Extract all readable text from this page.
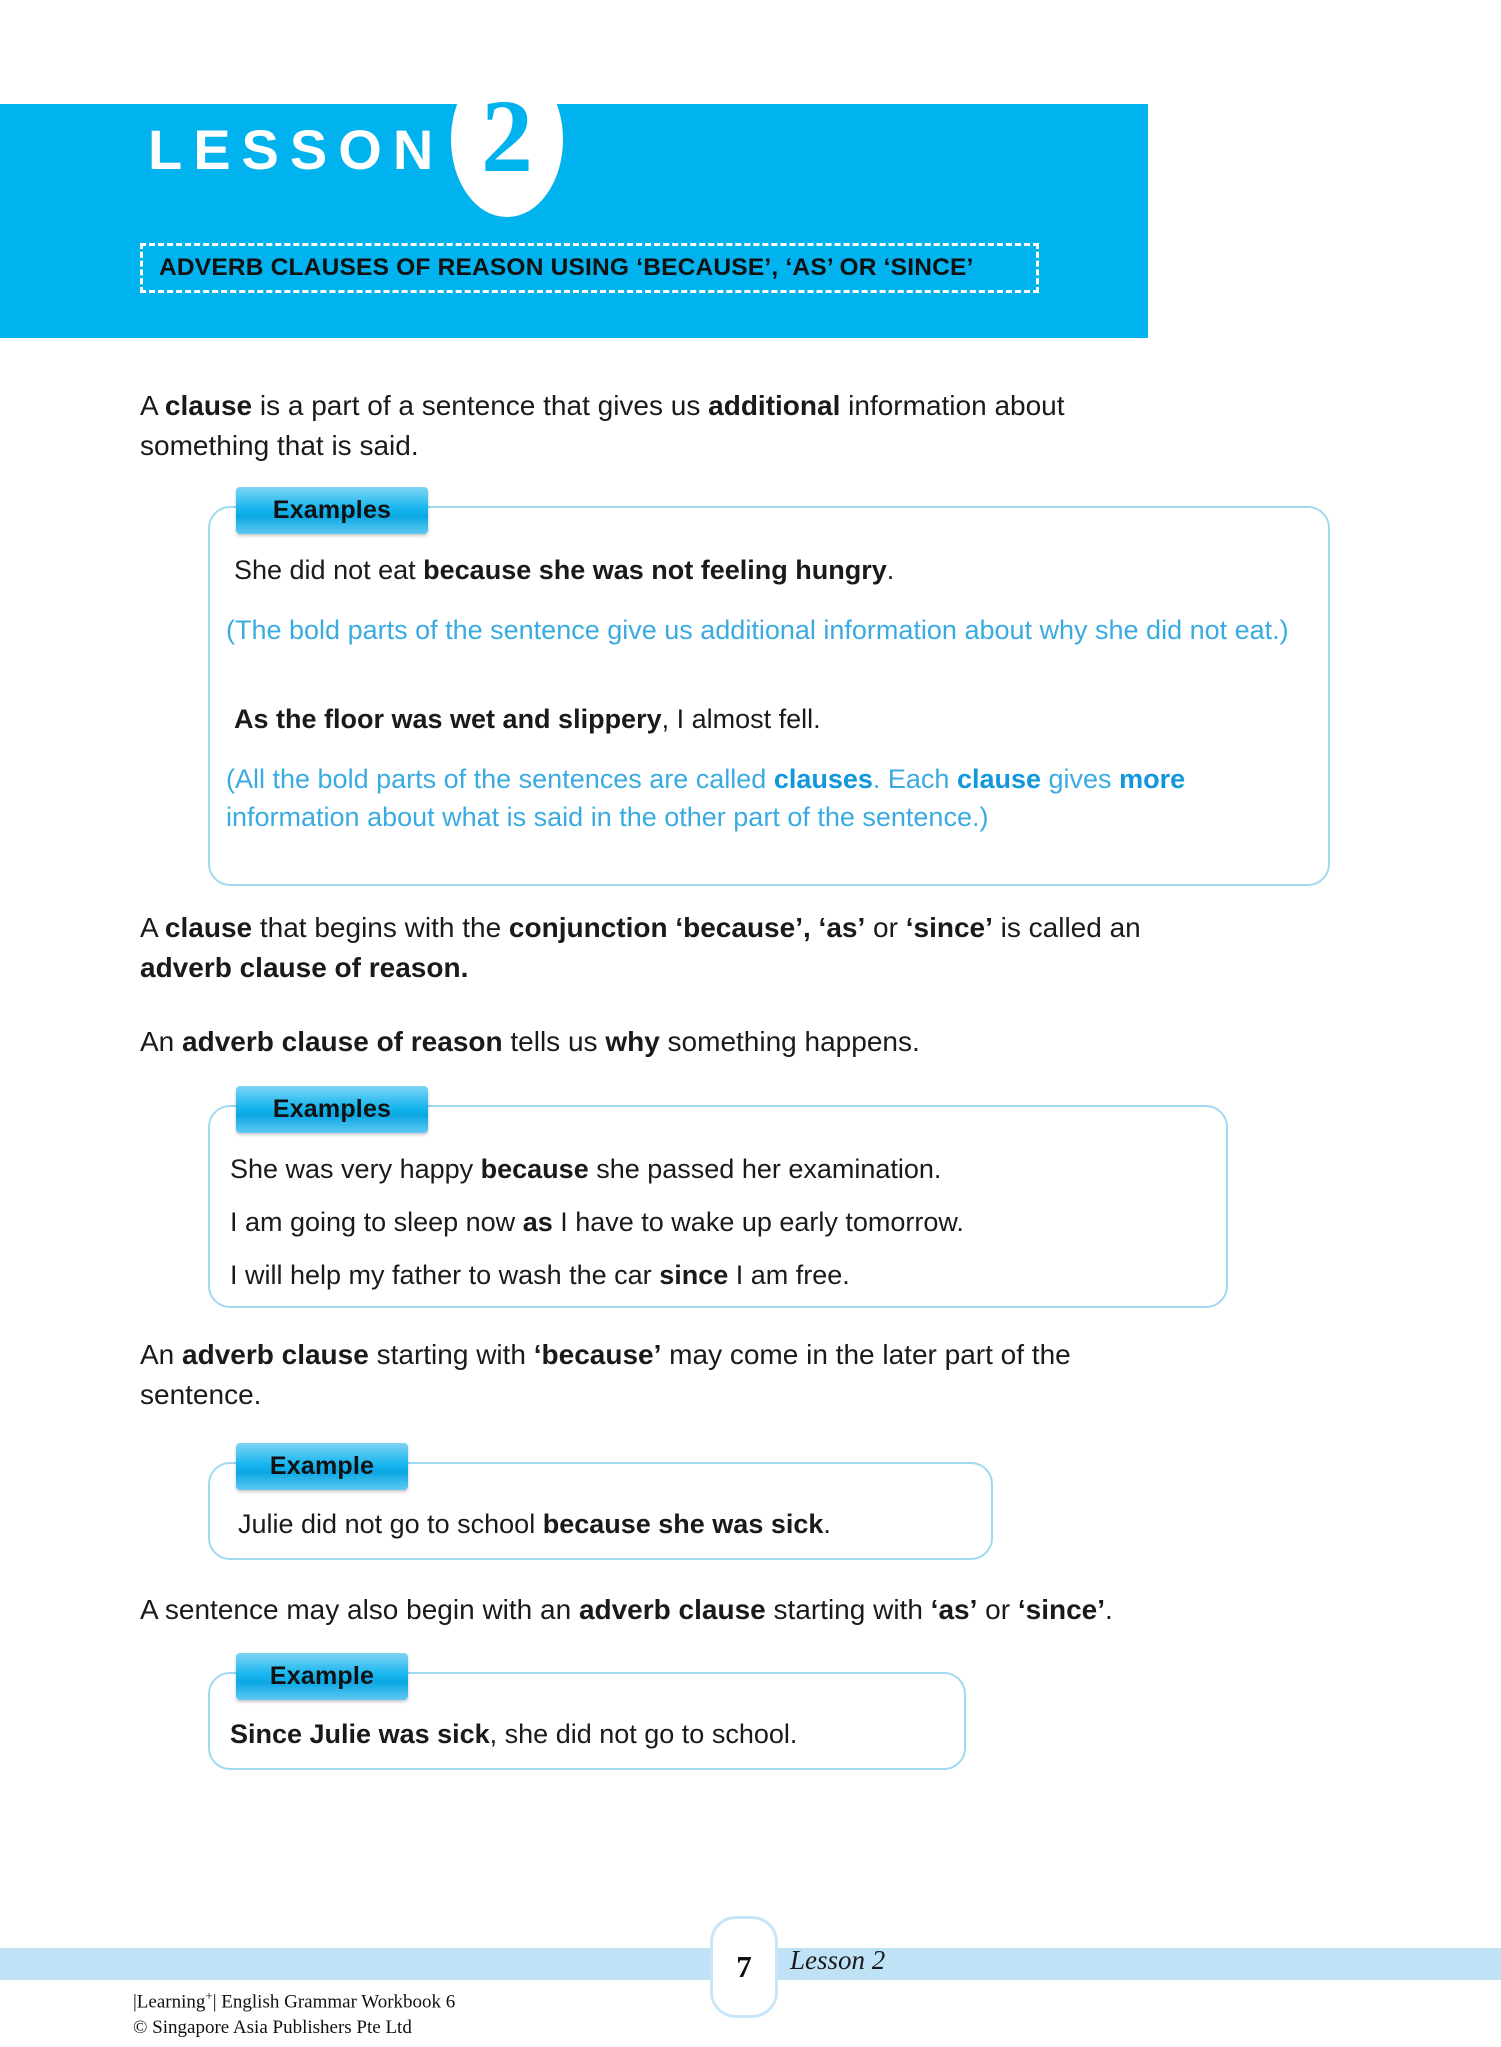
LESSON 2
ADVERB CLAUSES OF REASON USING ‘BECAUSE’, ‘AS’ OR ‘SINCE’
A clause is a part of a sentence that gives us additional information about something that is said.
Examples
She did not eat because she was not feeling hungry.
(The bold parts of the sentence give us additional information about why she did not eat.)
As the floor was wet and slippery, I almost fell.
(All the bold parts of the sentences are called clauses. Each clause gives more information about what is said in the other part of the sentence.)
A clause that begins with the conjunction ‘because’, ‘as’ or ‘since’ is called an adverb clause of reason.
An adverb clause of reason tells us why something happens.
Examples
She was very happy because she passed her examination.
I am going to sleep now as I have to wake up early tomorrow.
I will help my father to wash the car since I am free.
An adverb clause starting with ‘because’ may come in the later part of the sentence.
Example
Julie did not go to school because she was sick.
A sentence may also begin with an adverb clause starting with ‘as’ or ‘since’.
Example
Since Julie was sick, she did not go to school.
7 Lesson 2
|Learning+| English Grammar Workbook 6
© Singapore Asia Publishers Pte Ltd
